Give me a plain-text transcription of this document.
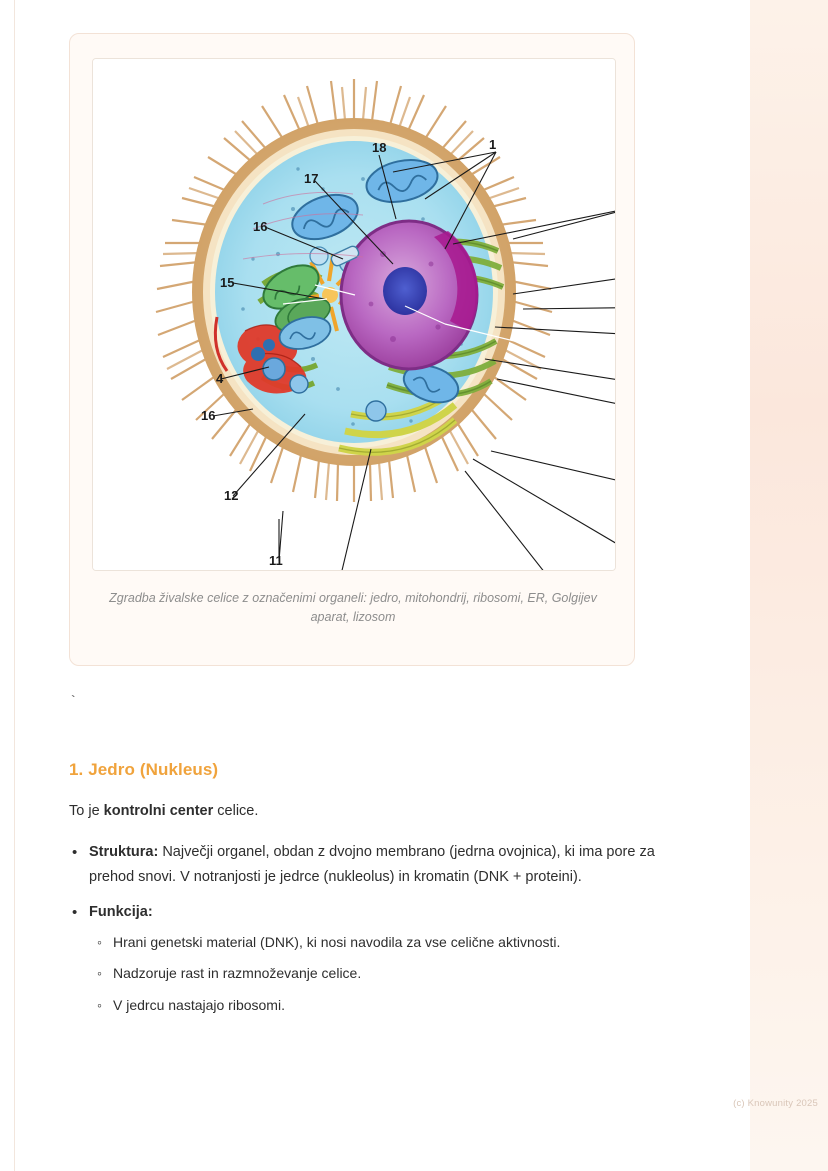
1
18
17
16
15
4
16
12
11
Zgradba živalske celice z označenimi organeli: jedro, mitohondrij, ribosomi, ER, Golgijev aparat, lizosom
`
1. Jedro (Nukleus)
To je kontrolni center celice.
• Struktura: Največji organel, obdan z dvojno membrano (jedrna ovojnica), ki ima pore za prehod snovi. V notranjosti je jedrce (nukleolus) in kromatin (DNK + proteini).
• Funkcija:
◦ Hrani genetski material (DNK), ki nosi navodila za vse celične aktivnosti.
◦ Nadzoruje rast in razmnoževanje celice.
◦ V jedrcu nastajajo ribosomi.
(c) Knowunity 2025
